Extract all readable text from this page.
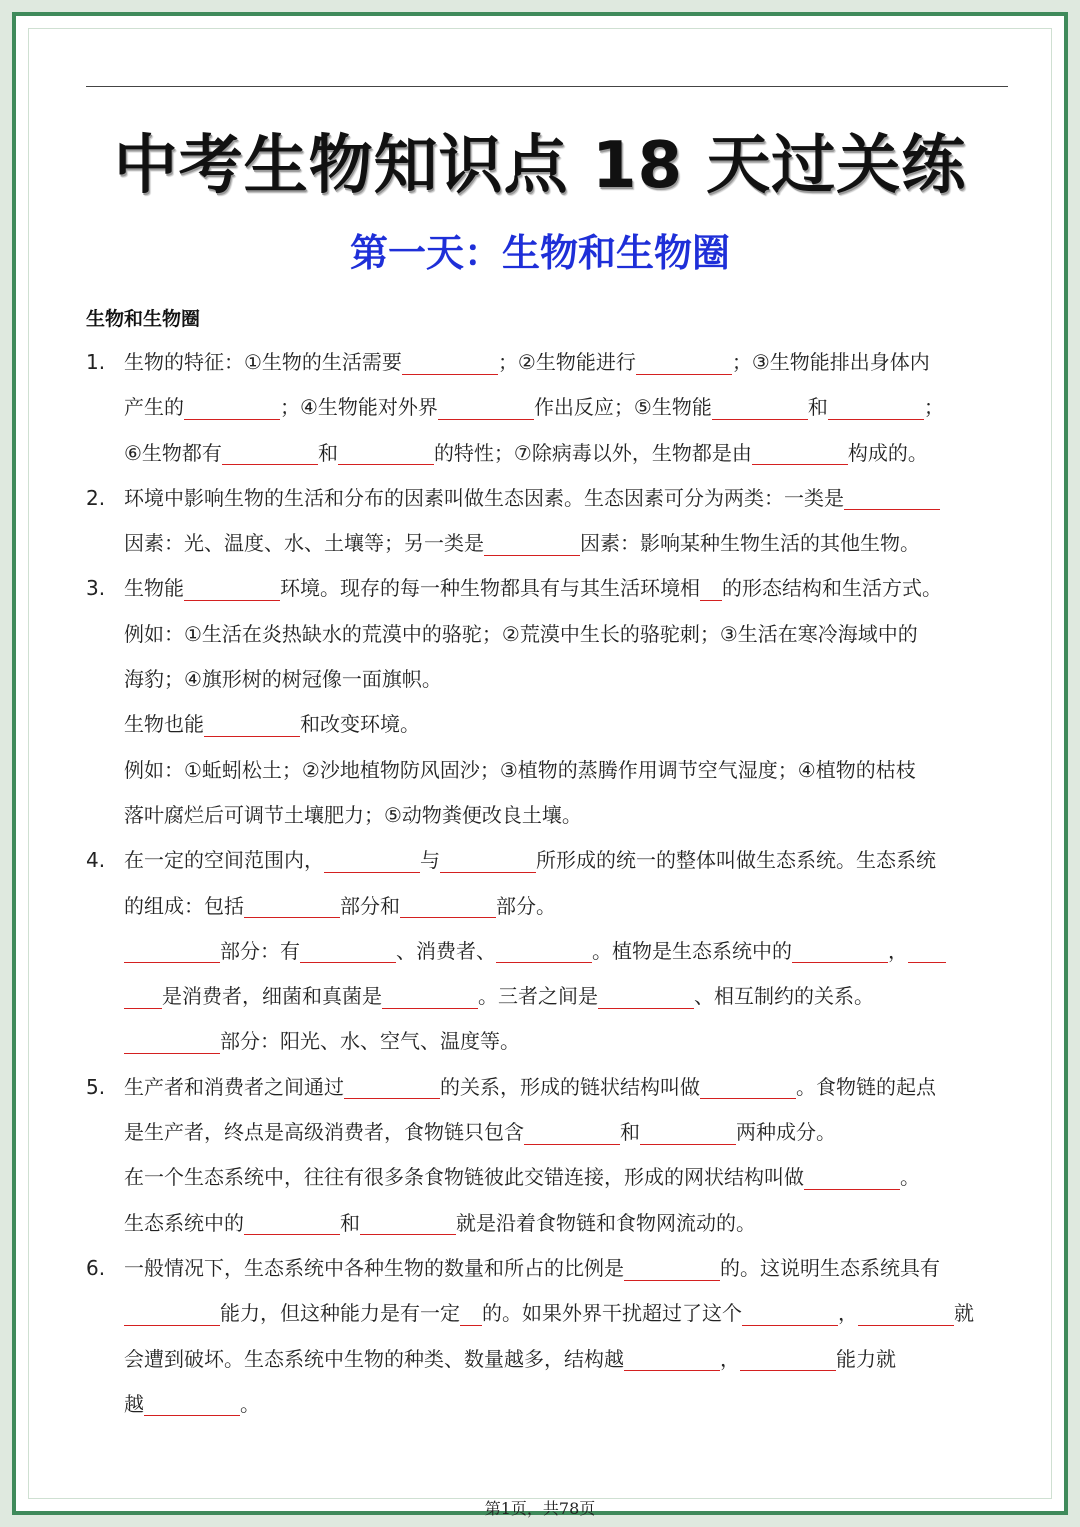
中考生物知识点 18 天过关练
第一天：生物和生物圈
生物和生物圈
1. 生物的特征：①生物的生活需要	；②生物能进行	；③生物能排出身体内
产生的	；④生物能对外界	作出反应；⑤生物能	和	；
⑥生物都有	和	的特性；⑦除病毒以外，生物都是由	构成的。
2. 环境中影响生物的生活和分布的因素叫做生态因素。生态因素可分为两类：一类是
因素：光、温度、水、土壤等；另一类是	因素：影响某种生物生活的其他生物。
3. 生物能	环境。现存的每一种生物都具有与其生活环境相 的形态结构和生活方式。
例如：①生活在炎热缺水的荒漠中的骆驼；②荒漠中生长的骆驼刺；③生活在寒冷海域中的
海豹；④旗形树的树冠像一面旗帜。
生物也能	和改变环境。
例如：①蚯蚓松土；②沙地植物防风固沙；③植物的蒸腾作用调节空气湿度；④植物的枯枝
落叶腐烂后可调节土壤肥力；⑤动物粪便改良土壤。
4. 在一定的空间范围内，	与	所形成的统一的整体叫做生态系统。生态系统
的组成：包括	部分和	部分。
部分：有	、消费者、	。植物是生态系统中的	，
是消费者，细菌和真菌是	。三者之间是	、相互制约的关系。
部分：阳光、水、空气、温度等。
5. 生产者和消费者之间通过	的关系，形成的链状结构叫做	。食物链的起点
是生产者，终点是高级消费者，食物链只包含	和	两种成分。
在一个生态系统中，往往有很多条食物链彼此交错连接，形成的网状结构叫做	。
生态系统中的	和	就是沿着食物链和食物网流动的。
6. 一般情况下，生态系统中各种生物的数量和所占的比例是	的。这说明生态系统具有
能力，但这种能力是有一定 的。如果外界干扰超过了这个	，	就
会遭到破坏。生态系统中生物的种类、数量越多，结构越	，	能力就
越	。
第1页，共78页
